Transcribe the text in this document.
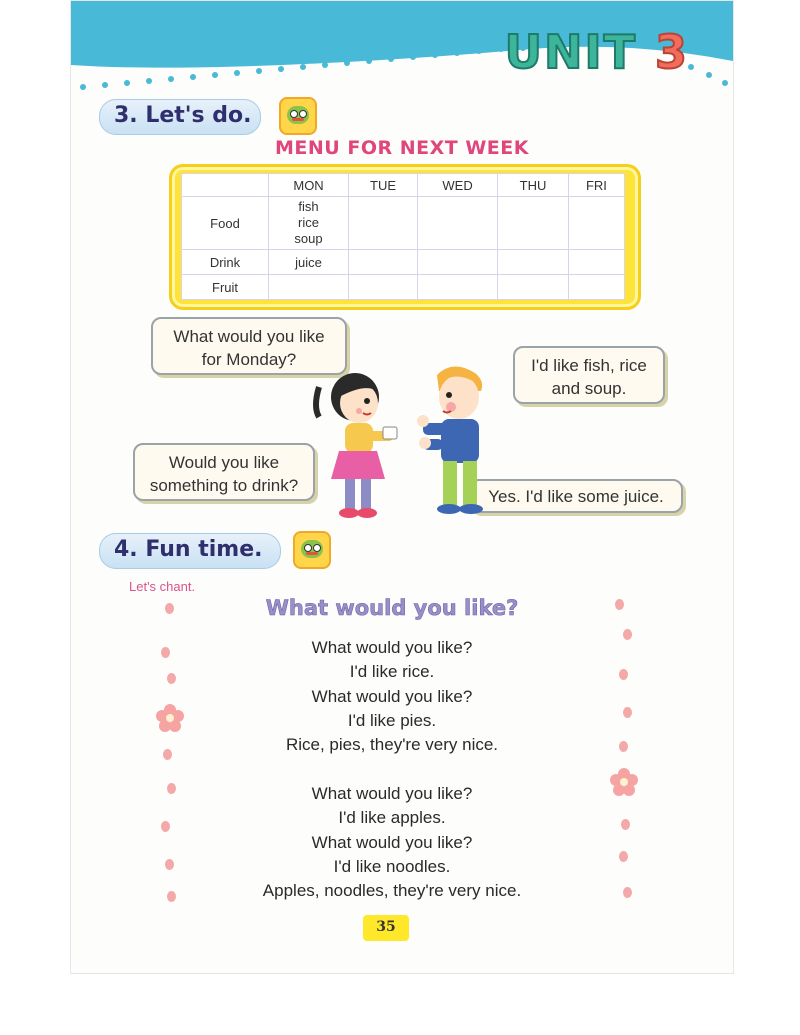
UNIT 3
3. Let's do.
MENU FOR NEXT WEEK
	MON	TUE	WED	THU	FRI
Food	fish
rice
soup				

Drink	juice				
Fruit					
What would you like
for Monday?	I'd like fish, rice
and soup.
Would you like
something to drink?
Yes. I'd like some juice.
4. Fun time.
Let's chant.
What would you like?
What would you like?
I'd like rice.
What would you like?
I'd like pies.
Rice, pies, they're very nice.
What would you like?
I'd like apples.
What would you like?
I'd like noodles.
Apples, noodles, they're very nice.
35
